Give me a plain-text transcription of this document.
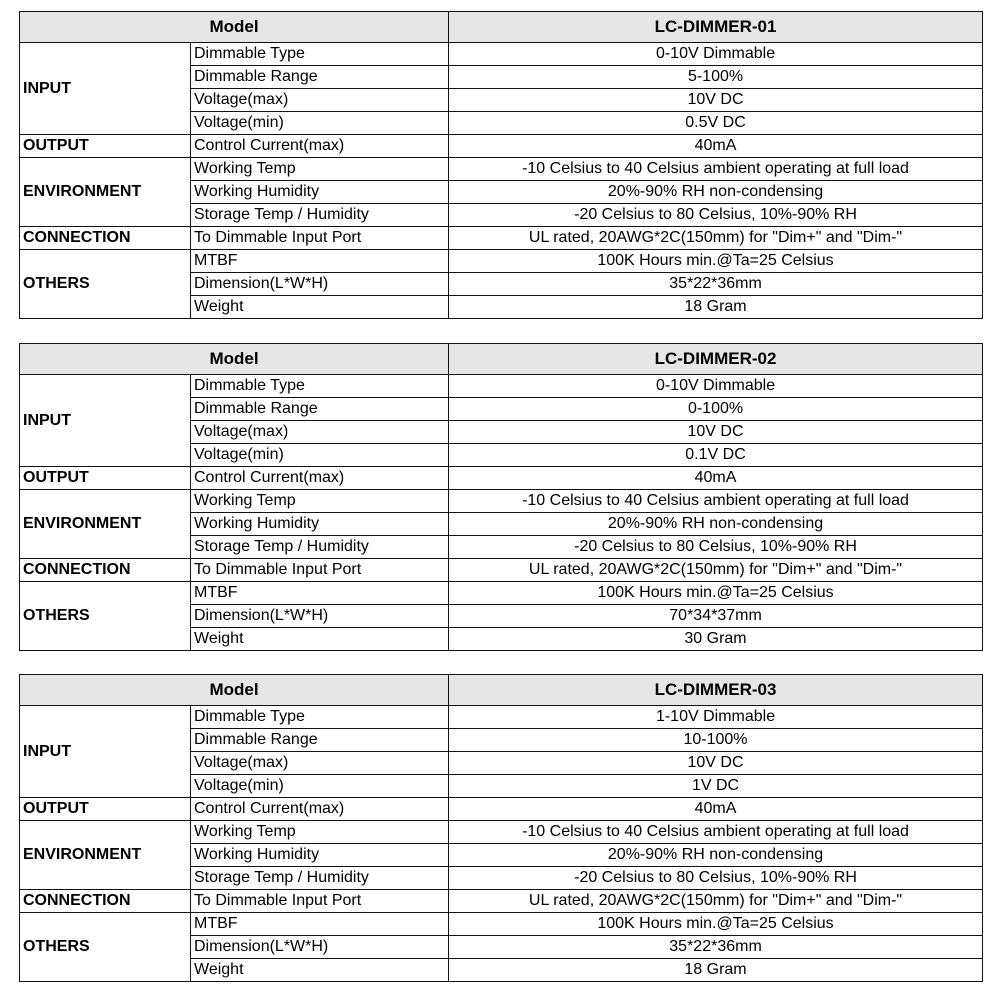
Model		LC-DIMMER-01
INPUT	Dimmable Type	0-10V Dimmable
	Dimmable Range	5-100%
	Voltage(max)	10V DC
	Voltage(min)	0.5V DC
OUTPUT	Control Current(max)	40mA
ENVIRONMENT	Working Temp	-10 Celsius to 40 Celsius ambient operating at full load
	Working Humidity	20%-90% RH non-condensing
	Storage Temp / Humidity	-20 Celsius to 80 Celsius, 10%-90% RH
CONNECTION	To Dimmable Input Port	UL rated, 20AWG*2C(150mm) for "Dim+" and "Dim-"
OTHERS	MTBF	100K Hours min.@Ta=25 Celsius
	Dimension(L*W*H)	35*22*36mm
	Weight	18 Gram
Model		LC-DIMMER-02
INPUT	Dimmable Type	0-10V Dimmable
	Dimmable Range	0-100%
	Voltage(max)	10V DC
	Voltage(min)	0.1V DC
OUTPUT	Control Current(max)	40mA
ENVIRONMENT	Working Temp	-10 Celsius to 40 Celsius ambient operating at full load
	Working Humidity	20%-90% RH non-condensing
	Storage Temp / Humidity	-20 Celsius to 80 Celsius, 10%-90% RH
CONNECTION	To Dimmable Input Port	UL rated, 20AWG*2C(150mm) for "Dim+" and "Dim-"
OTHERS	MTBF	100K Hours min.@Ta=25 Celsius
	Dimension(L*W*H)	70*34*37mm
	Weight	30 Gram
Model		LC-DIMMER-03
INPUT	Dimmable Type	1-10V Dimmable
	Dimmable Range	10-100%
	Voltage(max)	10V DC
	Voltage(min)	1V DC
OUTPUT	Control Current(max)	40mA
ENVIRONMENT	Working Temp	-10 Celsius to 40 Celsius ambient operating at full load
	Working Humidity	20%-90% RH non-condensing
	Storage Temp / Humidity	-20 Celsius to 80 Celsius, 10%-90% RH
CONNECTION	To Dimmable Input Port	UL rated, 20AWG*2C(150mm) for "Dim+" and "Dim-"
OTHERS	MTBF	100K Hours min.@Ta=25 Celsius
	Dimension(L*W*H)	35*22*36mm
	Weight	18 Gram
